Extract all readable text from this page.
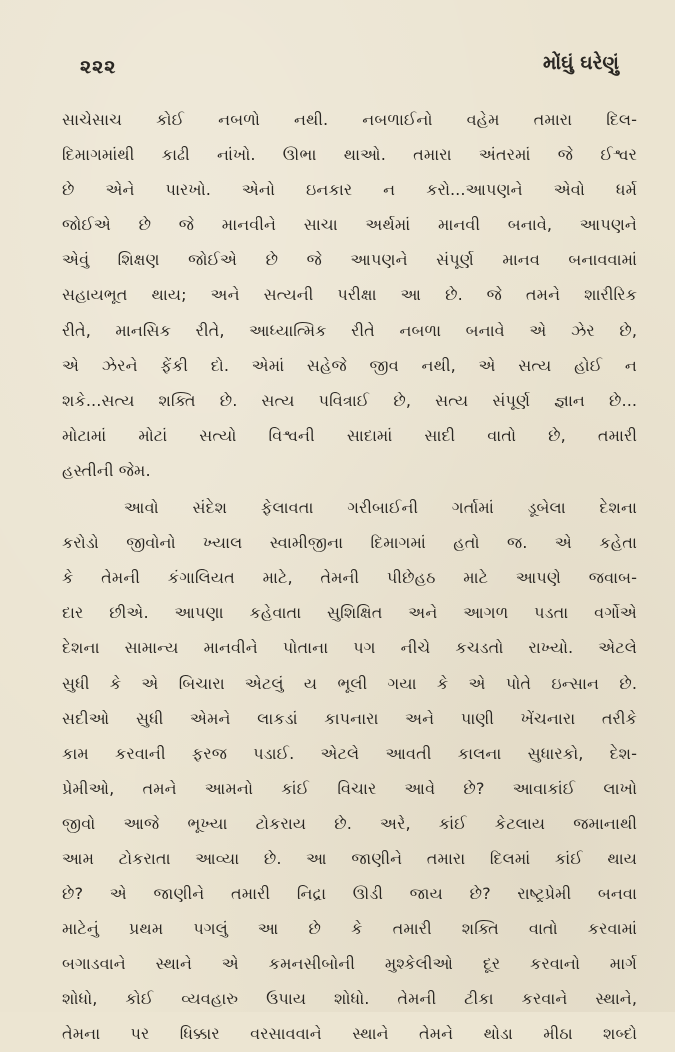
૨૨૨	મોંઘું ઘરેણું
સાચેસાચ કોઈ નબળો નથી. નબળાઈનો વહેમ તમારા દિલ-
દિમાગમાંથી કાઢી નાંખો. ઊભા થાઓ. તમારા અંતરમાં જે ઈશ્વર
છે એને પારખો. એનો ઇનકાર ન કરો...આપણને એવો ધર્મ
જોઈએ છે જે માનવીને સાચા અર્થમાં માનવી બનાવે, આપણને
એવું શિક્ષણ જોઈએ છે જે આપણને સંપૂર્ણ માનવ બનાવવામાં
સહાયભૂત થાય; અને સત્યની પરીક્ષા આ છે. જે તમને શારીરિક
રીતે, માનસિક રીતે, આધ્યાત્મિક રીતે નબળા બનાવે એ ઝેર છે,
એ ઝેરને ફેંકી દો. એમાં સહેજે જીવ નથી, એ સત્ય હોઈ ન
શકે...સત્ય શક્તિ છે. સત્ય પવિત્રાઈ છે, સત્ય સંપૂર્ણ જ્ઞાન છે...
મોટામાં મોટાં સત્યો વિશ્વની સાદામાં સાદી વાતો છે, તમારી
હસ્તીની જેમ.
આવો સંદેશ ફેલાવતા ગરીબાઈની ગર્તામાં ડૂબેલા દેશના
કરોડો જીવોનો ખ્યાલ સ્વામીજીના દિમાગમાં હતો જ. એ કહેતા
કે તેમની કંગાલિયત માટે, તેમની પીછેહઠ માટે આપણે જવાબ-
દાર છીએ. આપણા કહેવાતા સુશિક્ષિત અને આગળ પડતા વર્ગોએ
દેશના સામાન્ય માનવીને પોતાના પગ નીચે કચડતો રાખ્યો. એટલે
સુધી કે એ બિચારા એટલું ય ભૂલી ગયા કે એ પોતે ઇન્સાન છે.
સદીઓ સુધી એમને લાકડાં કાપનારા અને પાણી ખેંચનારા તરીકે
કામ કરવાની ફરજ પડાઈ. એટલે આવતી કાલના સુધારકો, દેશ-
પ્રેમીઓ, તમને આમનો કાંઈ વિચાર આવે છે? આવાકાંઈ લાખો
જીવો આજે ભૂખ્યા ટોકરાય છે. અરે, કાંઈ કેટલાય જમાનાથી
આમ ટોકરાતા આવ્યા છે. આ જાણીને તમારા દિલમાં કાંઈ થાય
છે? એ જાણીને તમારી નિદ્રા ઊડી જાય છે? રાષ્ટ્રપ્રેમી બનવા
માટેનું પ્રથમ પગલું આ છે કે તમારી શક્તિ વાતો કરવામાં
બગાડવાને સ્થાને એ કમનસીબોની મુશ્કેલીઓ દૂર કરવાનો માર્ગ
શોધો, કોઈ વ્યવહારુ ઉપાય શોધો. તેમની ટીકા કરવાને સ્થાને,
તેમના પર ધિક્કાર વરસાવવાને સ્થાને તેમને થોડા મીઠા શબ્દો
